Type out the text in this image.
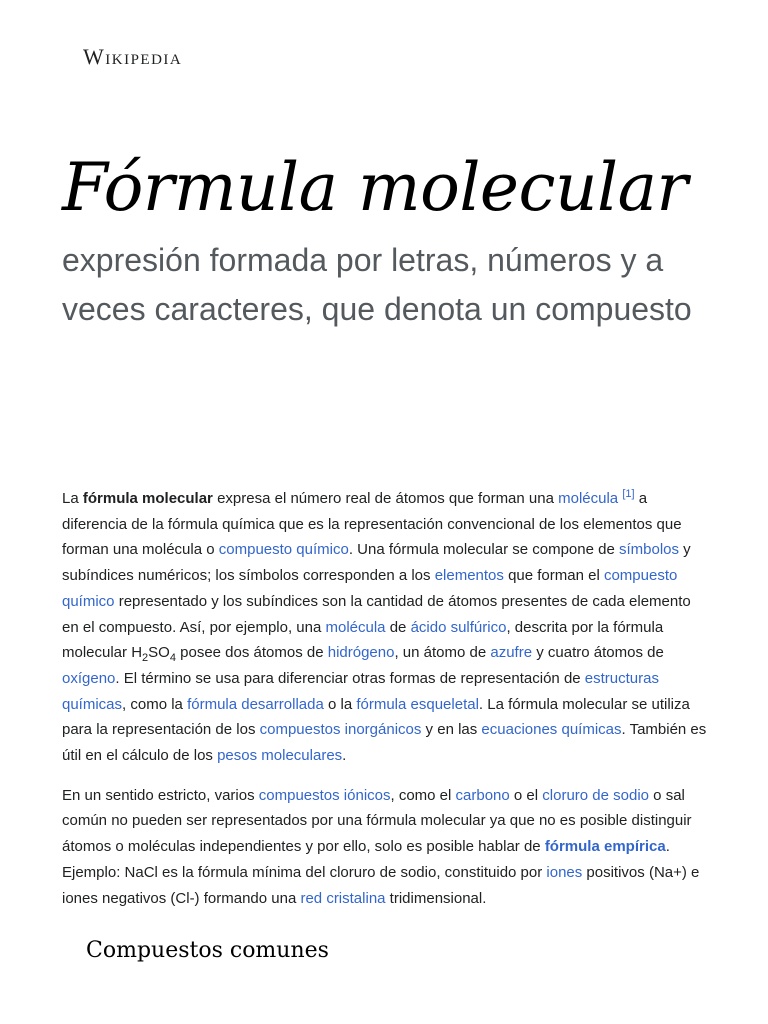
Wikipedia
Fórmula molecular

expresión formada por letras, números y a veces caracteres, que denota un compuesto

La fórmula molecular expresa el número real de átomos que forman una molécula [1] a diferencia de la fórmula química que es la representación convencional de los elementos que forman una molécula o compuesto químico. Una fórmula molecular se compone de símbolos y subíndices numéricos; los símbolos corresponden a los elementos que forman el compuesto químico representado y los subíndices son la cantidad de átomos presentes de cada elemento en el compuesto. Así, por ejemplo, una molécula de ácido sulfúrico, descrita por la fórmula molecular $H_2SO_4$ posee dos átomos de hidrógeno, un átomo de azufre y cuatro átomos de oxígeno. El término se usa para diferenciar otras formas de representación de estructuras químicas, como la fórmula desarrollada o la fórmula esqueletal. La fórmula molecular se utiliza para la representación de los compuestos inorgánicos y en las ecuaciones químicas. También es útil en el cálculo de los pesos moleculares.

En un sentido estricto, varios compuestos iónicos, como el carbono o el cloruro de sodio o sal común no pueden ser representados por una fórmula molecular ya que no es posible distinguir átomos o moléculas independientes y por ello, solo es posible hablar de fórmula empírica. Ejemplo: NaCl es la fórmula mínima del cloruro de sodio, constituido por iones positivos (Na+) e iones negativos (Cl-) formando una red cristalina tridimensional.

Compuestos comunes
